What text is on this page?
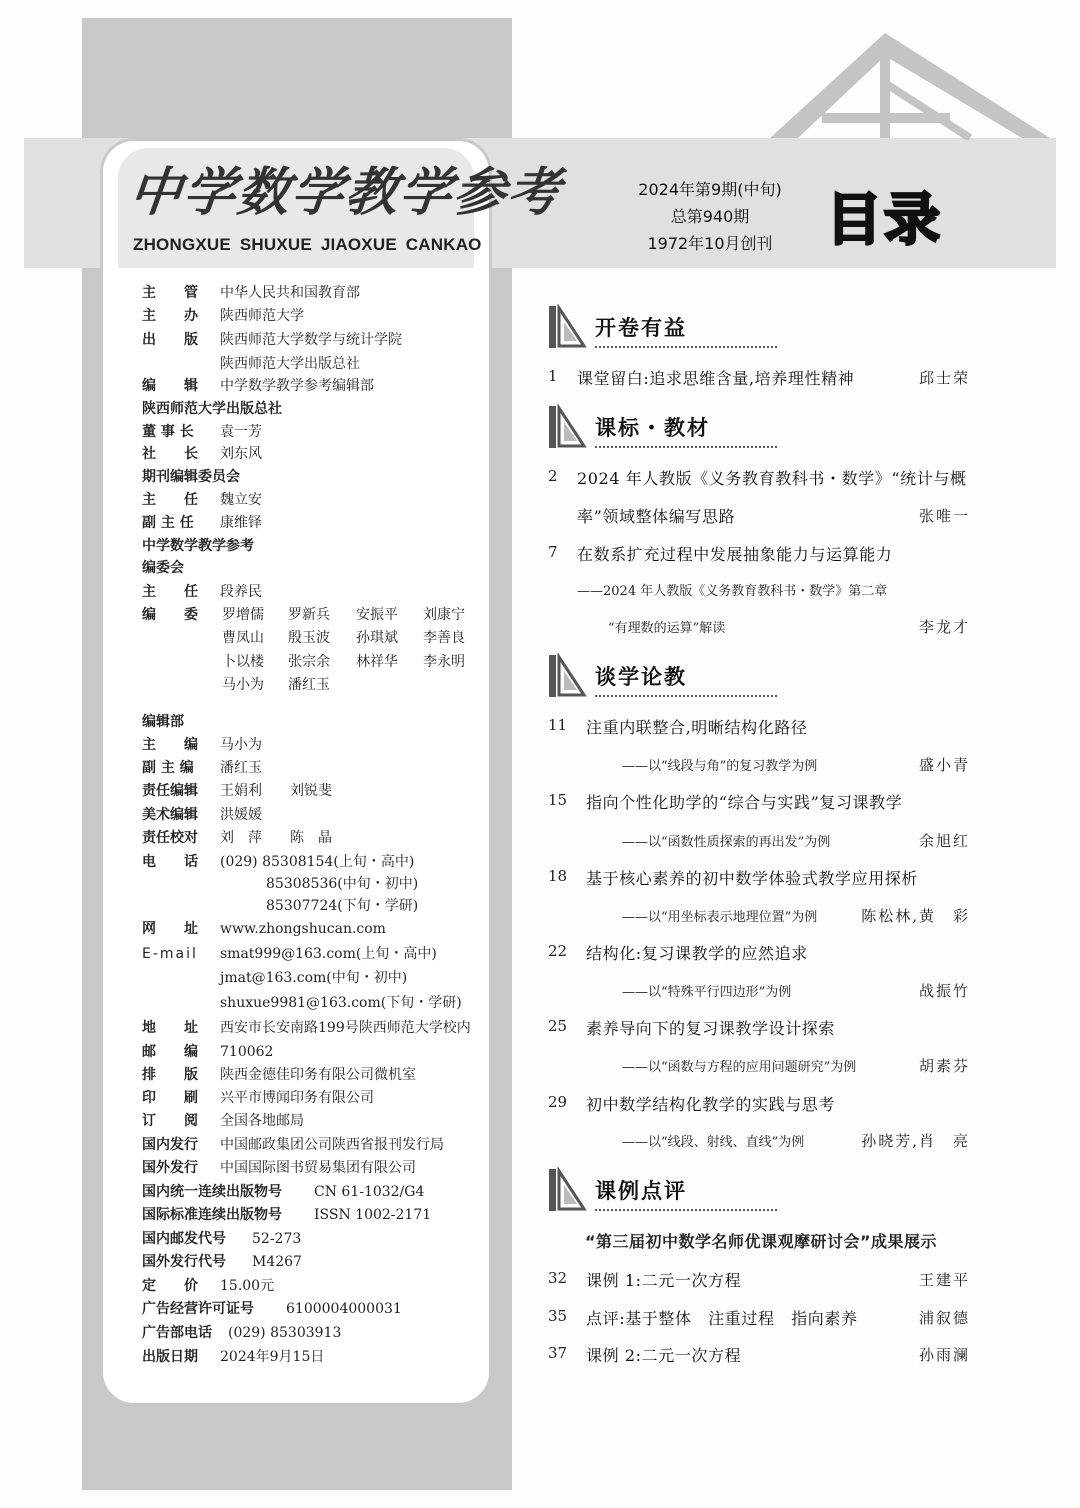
中学数学教学参考
ZHONGXUE SHUXUE JIAOXUE CANKAO
2024年第9期(中旬)
总第940期
1972年10月创刊 目录
主　　管 中华人民共和国教育部
主　　办 陕西师范大学
出　　版 陕西师范大学数学与统计学院
陕西师范大学出版总社
编　　辑 中学数学教学参考编辑部
陕西师范大学出版总社
董 事 长 袁一芳
社　　长 刘东风
期刊编辑委员会
主　　任 魏立安
副 主 任 康维铎
中学数学教学参考
编委会
主　　任 段养民
编　　委 罗增儒 罗新兵 安振平 刘康宁
曹凤山 殷玉波 孙琪斌 李善良
卜以楼 张宗余 林祥华 李永明
马小为 潘红玉
编辑部
主　　编 马小为
副 主 编 潘红玉
责任编辑 王娟利　　刘锐斐
美术编辑 洪媛媛
责任校对 刘　萍　　陈　晶
电　　话 (029) 85308154(上旬・高中)
85308536(中旬・初中)
85307724(下旬・学研)
网　　址 www.zhongshucan.com
E-mail smat999@163.com(上旬・高中)
jmat@163.com(中旬・初中)
shuxue9981@163.com(下旬・学研)
地　　址 西安市长安南路199号陕西师范大学校内
邮　　编 710062
排　　版 陕西金德佳印务有限公司微机室
印　　刷 兴平市博闻印务有限公司
订　　阅 全国各地邮局
国内发行 中国邮政集团公司陕西省报刊发行局
国外发行 中国国际图书贸易集团有限公司
国内统一连续出版物号 CN 61-1032/G4
国际标准连续出版物号 ISSN 1002-2171
国内邮发代号 52-273
国外发行代号 M4267
定　　价 15.00元
广告经营许可证号 6100004000031
广告部电话 (029) 85303913
出版日期 2024年9月15日
开卷有益
1 课堂留白:追求思维含量,培养理性精神	邱士荣
课标・教材
2 2024 年人教版《义务教育教科书・数学》“统计与概
率”领域整体编写思路	张唯一
7 在数系扩充过程中发展抽象能力与运算能力
——2024 年人教版《义务教育教科书・数学》第二章
“有理数的运算”解读	李龙才
谈学论教
11 注重内联整合,明晰结构化路径
——以“线段与角”的复习教学为例	盛小青
15 指向个性化助学的“综合与实践”复习课教学
——以“函数性质探索的再出发”为例	余旭红
18 基于核心素养的初中数学体验式教学应用探析
——以“用坐标表示地理位置”为例	陈松林,黄　彩
22 结构化:复习课教学的应然追求
——以“特殊平行四边形”为例	战振竹
25 素养导向下的复习课教学设计探索
——以“函数与方程的应用问题研究”为例	胡素芬
29 初中数学结构化教学的实践与思考
——以“线段、射线、直线”为例	孙晓芳,肖　亮
课例点评
“第三届初中数学名师优课观摩研讨会”成果展示
32 课例 1:二元一次方程	王建平
35 点评:基于整体　注重过程　指向素养	浦叙德
37 课例 2:二元一次方程	孙雨澜
